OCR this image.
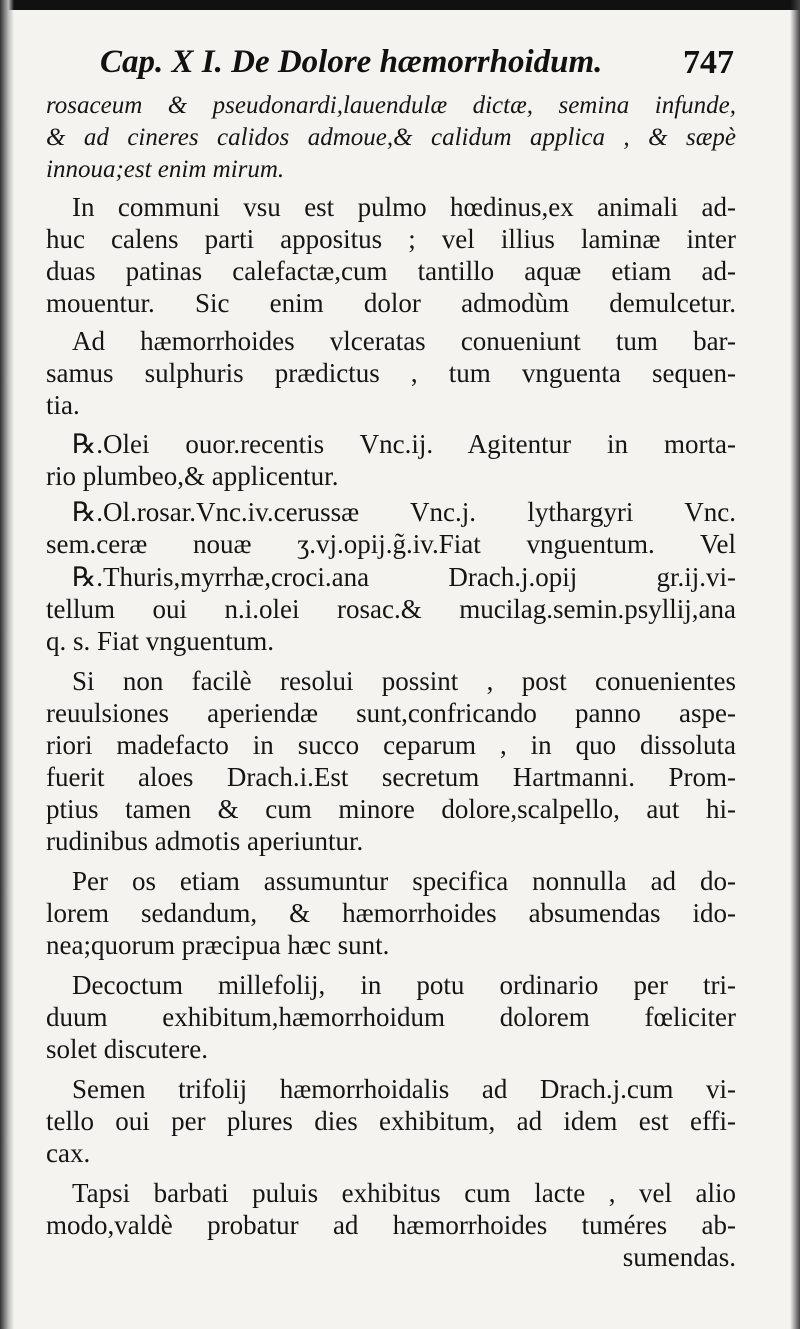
Cap. X I. De Dolore hæmorrhoidum. 747
rosaceum & pseudonardi,lauendulæ dictæ, semina infunde,
& ad cineres calidos admoue,& calidum applica , & sæpè
innoua;est enim mirum.
In communi vsu est pulmo hœdinus,ex animali ad-
huc calens parti appositus ; vel illius laminæ inter
duas patinas calefactæ,cum tantillo aquæ etiam ad-
mouentur. Sic enim dolor admodùm demulcetur.
Ad hæmorrhoides vlceratas conueniunt tum bar-
samus sulphuris prædictus , tum vnguenta sequen-
tia.
℞.Olei ouor.recentis Vnc.ij. Agitentur in morta-
rio plumbeo,& applicentur.
℞.Ol.rosar.Vnc.iv.cerussæ Vnc.j. lythargyri Vnc.
sem.ceræ nouæ ʒ.vj.opij.g̃.iv.Fiat vnguentum. Vel
℞.Thuris,myrrhæ,croci.ana Drach.j.opij gr.ij.vi-
tellum oui n.i.olei rosac.& mucilag.semin.psyllij,ana
q. s. Fiat vnguentum.
Si non facilè resolui possint , post conuenientes
reuulsiones aperiendæ sunt,confricando panno aspe-
riori madefacto in succo ceparum , in quo dissoluta
fuerit aloes Drach.i.Est secretum Hartmanni. Prom-
ptius tamen & cum minore dolore,scalpello, aut hi-
rudinibus admotis aperiuntur.
Per os etiam assumuntur specifica nonnulla ad do-
lorem sedandum, & hæmorrhoides absumendas ido-
nea;quorum præcipua hæc sunt.
Decoctum millefolij, in potu ordinario per tri-
duum exhibitum,hæmorrhoidum dolorem fœliciter
solet discutere.
Semen trifolij hæmorrhoidalis ad Drach.j.cum vi-
tello oui per plures dies exhibitum, ad idem est effi-
cax.
Tapsi barbati puluis exhibitus cum lacte , vel alio
modo,valdè probatur ad hæmorrhoides tuméres ab-
sumendas.
